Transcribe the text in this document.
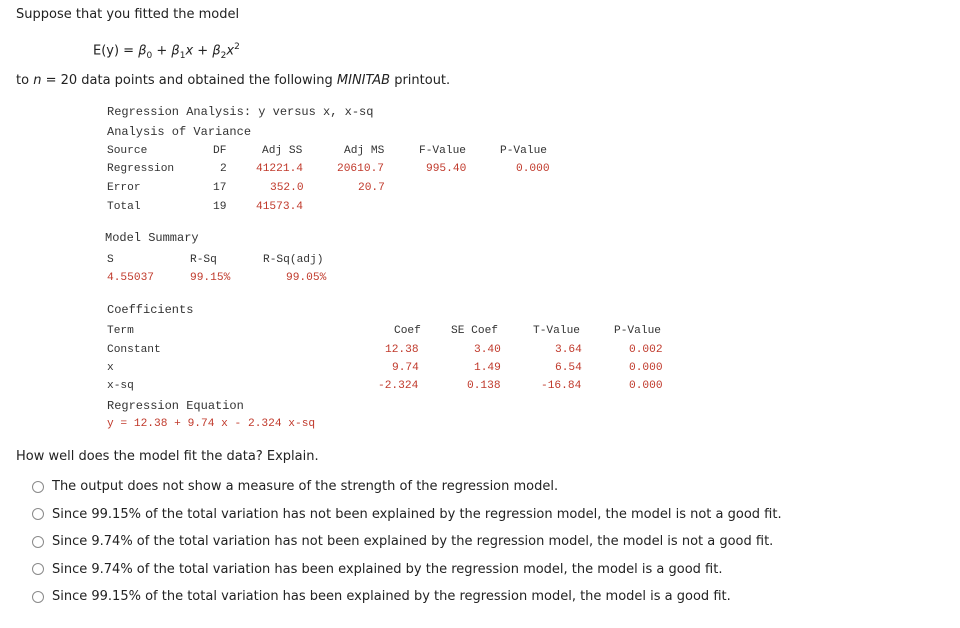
Suppose that you fitted the model
$E(y) = \beta_0 + \beta_1x + \beta_2x^2$
to n = 20 data points and obtained the following MINITAB printout.
Regression Analysis: y versus x, x-sq
Analysis of Variance
Source	DF	Adj SS	Adj MS	F-Value	P-Value
Regression	2	41221.4	20610.7	995.40	0.000
Error	17	352.0	20.7
Total	19	41573.4
Model Summary
S	R-Sq	R-Sq(adj)
4.55037	99.15%	99.05%
Coefficients
Term	Coef	SE Coef	T-Value	P-Value
Constant	12.38	3.40	3.64	0.002
x	9.74	1.49	6.54	0.000
x-sq	-2.324	0.138	-16.84	0.000
Regression Equation
y = 12.38 + 9.74 x - 2.324 x-sq
How well does the model fit the data? Explain.
The output does not show a measure of the strength of the regression model.
Since 99.15% of the total variation has not been explained by the regression model, the model is not a good fit.
Since 9.74% of the total variation has not been explained by the regression model, the model is not a good fit.
Since 9.74% of the total variation has been explained by the regression model, the model is a good fit.
Since 99.15% of the total variation has been explained by the regression model, the model is a good fit.
